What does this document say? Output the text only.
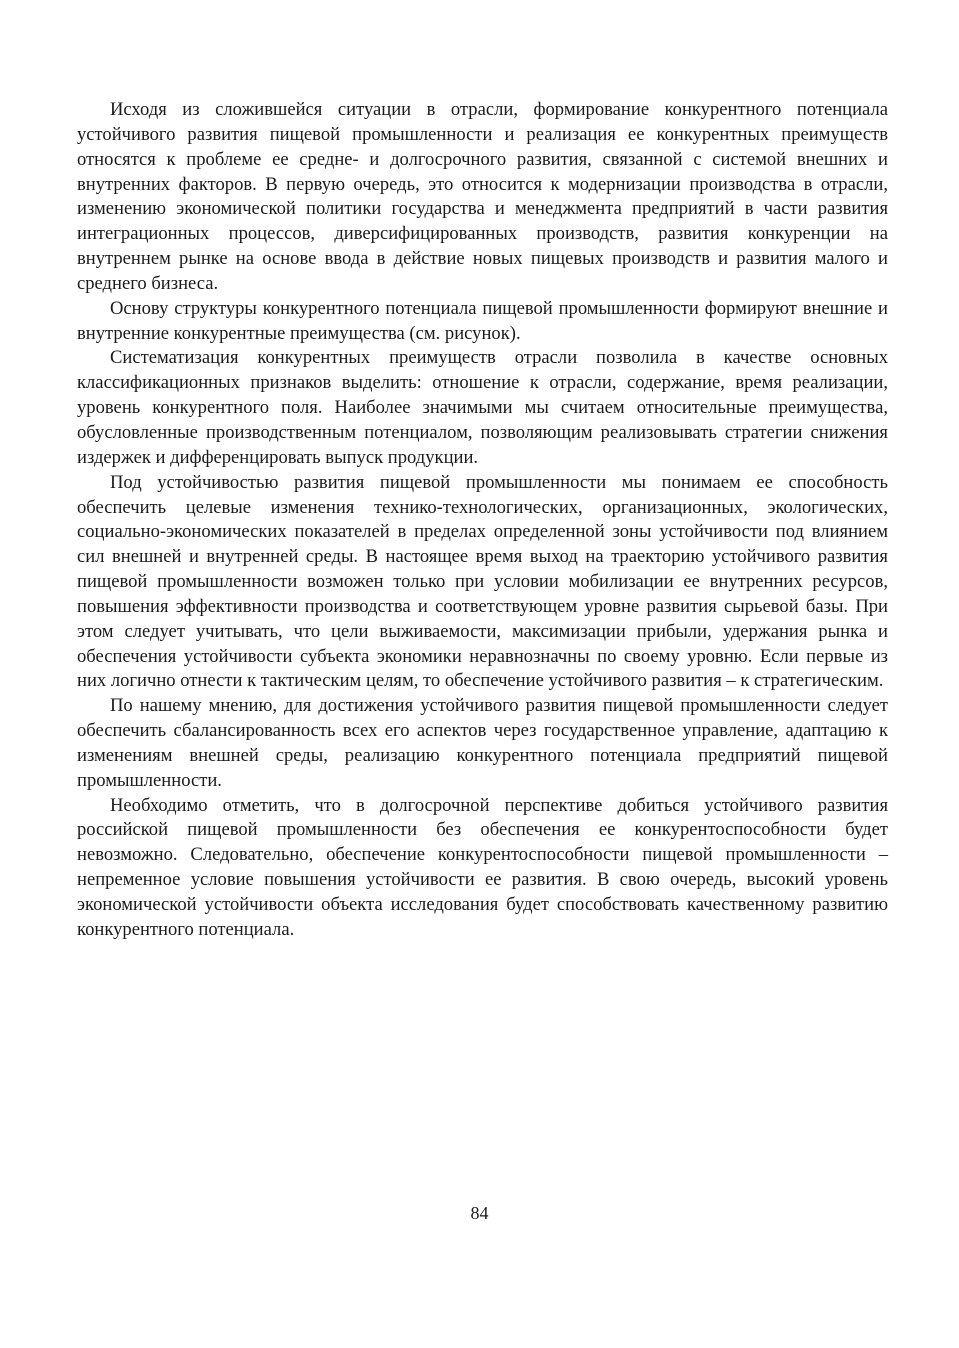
Исходя из сложившейся ситуации в отрасли, формирование конкурентного потенциала устойчивого развития пищевой промышленности и реализация ее конкурентных преимуществ относятся к проблеме ее средне- и долгосрочного развития, связанной с системой внешних и внутренних факторов. В первую очередь, это относится к модернизации производства в отрасли, изменению экономической политики государства и менеджмента предприятий в части развития интеграционных процессов, диверсифицированных производств, развития конкуренции на внутреннем рынке на основе ввода в действие новых пищевых производств и развития малого и среднего бизнеса.

Основу структуры конкурентного потенциала пищевой промышленности формируют внешние и внутренние конкурентные преимущества (см. рисунок).

Систематизация конкурентных преимуществ отрасли позволила в качестве основных классификационных признаков выделить: отношение к отрасли, содержание, время реализации, уровень конкурентного поля. Наиболее значимыми мы считаем относительные преимущества, обусловленные производственным потенциалом, позволяющим реализовывать стратегии снижения издержек и дифференцировать выпуск продукции.

Под устойчивостью развития пищевой промышленности мы понимаем ее способность обеспечить целевые изменения технико-технологических, организационных, экологических, социально-экономических показателей в пределах определенной зоны устойчивости под влиянием сил внешней и внутренней среды. В настоящее время выход на траекторию устойчивого развития пищевой промышленности возможен только при условии мобилизации ее внутренних ресурсов, повышения эффективности производства и соответствующем уровне развития сырьевой базы. При этом следует учитывать, что цели выживаемости, максимизации прибыли, удержания рынка и обеспечения устойчивости субъекта экономики неравнозначны по своему уровню. Если первые из них логично отнести к тактическим целям, то обеспечение устойчивого развития – к стратегическим.

По нашему мнению, для достижения устойчивого развития пищевой промышленности следует обеспечить сбалансированность всех его аспектов через государственное управление, адаптацию к изменениям внешней среды, реализацию конкурентного потенциала предприятий пищевой промышленности.

Необходимо отметить, что в долгосрочной перспективе добиться устойчивого развития российской пищевой промышленности без обеспечения ее конкурентоспособности будет невозможно. Следовательно, обеспечение конкурентоспособности пищевой промышленности – непременное условие повышения устойчивости ее развития. В свою очередь, высокий уровень экономической устойчивости объекта исследования будет способствовать качественному развитию конкурентного потенциала.

84
